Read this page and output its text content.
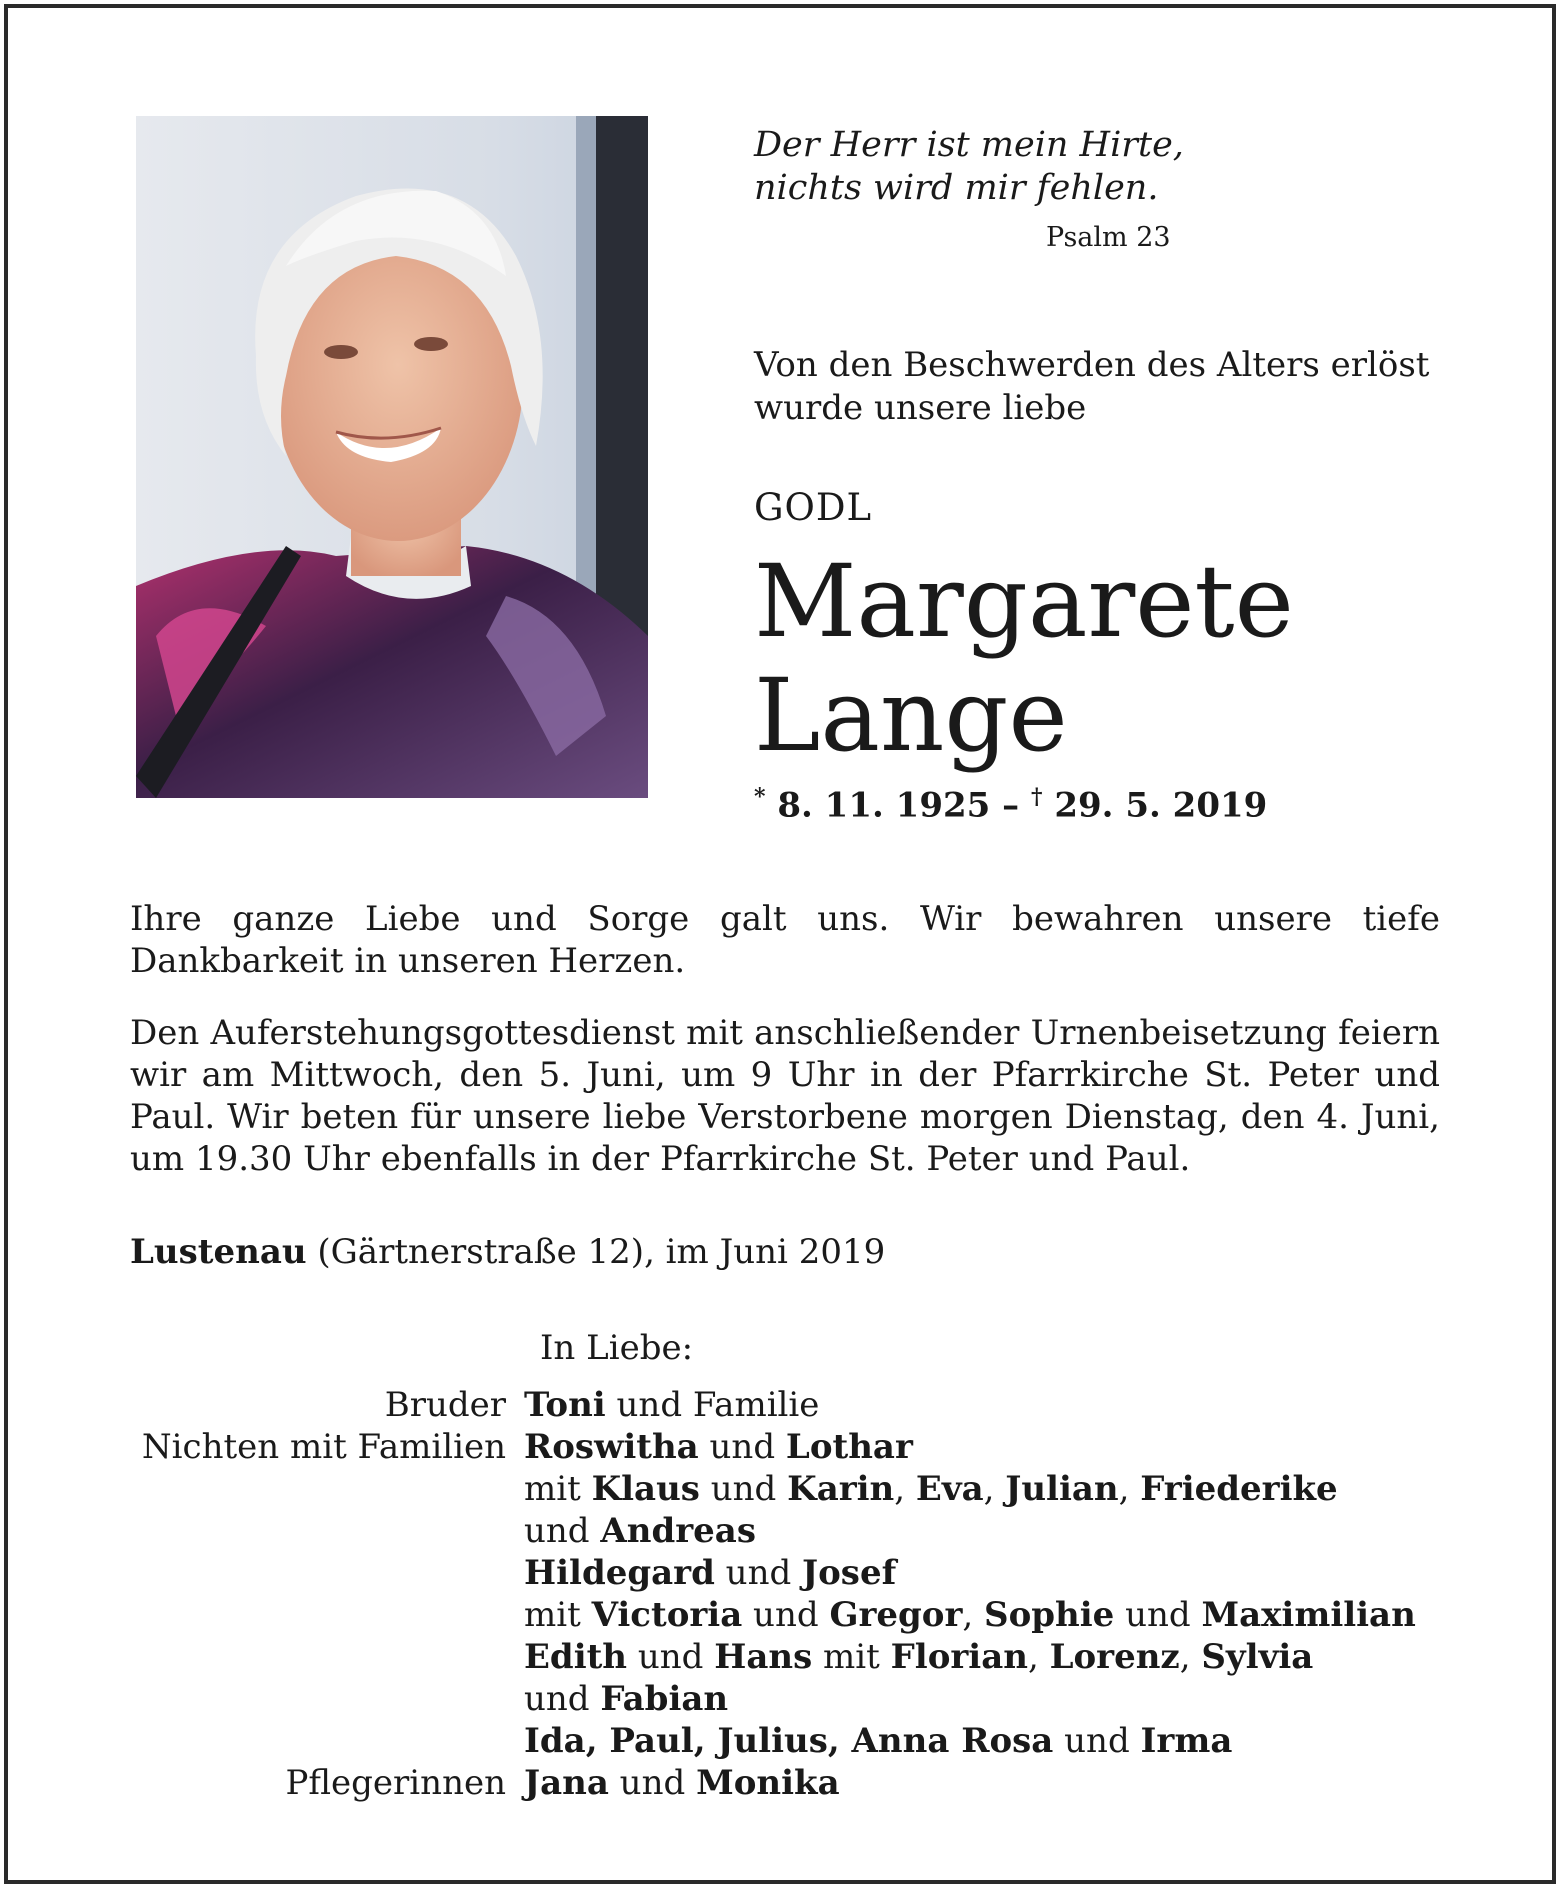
Der Herr ist mein Hirte,
nichts wird mir fehlen.
Psalm 23
Von den Beschwerden des Alters erlöst
wurde unsere liebe
GODL
Margarete
Lange
* 8. 11. 1925 – † 29. 5. 2019
Ihre ganze Liebe und Sorge galt uns. Wir bewahren unsere tiefe Dankbarkeit in unseren Herzen.
Den Auferstehungsgottesdienst mit anschließender Urnenbeisetzung feiern wir am Mittwoch, den 5. Juni, um 9 Uhr in der Pfarrkirche St. Peter und Paul. Wir beten für unsere liebe Verstorbene morgen Dienstag, den 4. Juni, um 19.30 Uhr ebenfalls in der Pfarrkirche St. Peter und Paul.
Lustenau (Gärtnerstraße 12), im Juni 2019
In Liebe:
Bruder Toni und Familie
Nichten mit Familien Roswitha und Lothar
mit Klaus und Karin, Eva, Julian, Friederike
und Andreas
Hildegard und Josef
mit Victoria und Gregor, Sophie und Maximilian
Edith und Hans mit Florian, Lorenz, Sylvia
und Fabian
Ida, Paul, Julius, Anna Rosa und Irma
Pflegerinnen Jana und Monika
